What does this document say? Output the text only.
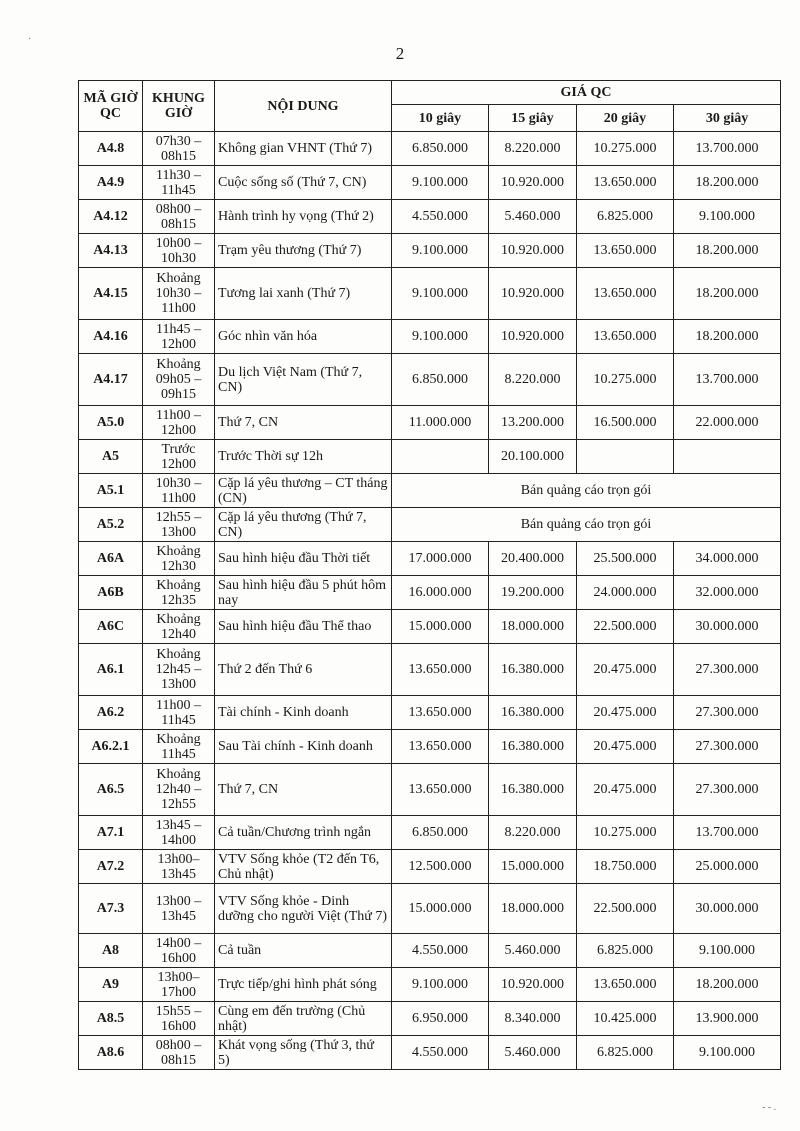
2
MÃ GIỜ QC	KHUNG GIỜ	NỘI DUNG	GIÁ QC			
			10 giây	15 giây	20 giây	30 giây
A4.8	07h30 – 08h15	Không gian VHNT (Thứ 7)	6.850.000	8.220.000	10.275.000	13.700.000
A4.9	11h30 – 11h45	Cuộc sống số (Thứ 7, CN)	9.100.000	10.920.000	13.650.000	18.200.000
A4.12	08h00 – 08h15	Hành trình hy vọng (Thứ 2)	4.550.000	5.460.000	6.825.000	9.100.000
A4.13	10h00 – 10h30	Trạm yêu thương (Thứ 7)	9.100.000	10.920.000	13.650.000	18.200.000
A4.15	Khoảng 10h30 – 11h00	Tương lai xanh (Thứ 7)	9.100.000	10.920.000	13.650.000	18.200.000
A4.16	11h45 – 12h00	Góc nhìn văn hóa	9.100.000	10.920.000	13.650.000	18.200.000
A4.17	Khoảng 09h05 – 09h15	Du lịch Việt Nam (Thứ 7, CN)	6.850.000	8.220.000	10.275.000	13.700.000
A5.0	11h00 – 12h00	Thứ 7, CN	11.000.000	13.200.000	16.500.000	22.000.000
A5	Trước 12h00	Trước Thời sự 12h		20.100.000		
A5.1	10h30 – 11h00	Cặp lá yêu thương – CT tháng (CN)	Bán quảng cáo trọn gói			
A5.2	12h55 – 13h00	Cặp lá yêu thương (Thứ 7, CN)	Bán quảng cáo trọn gói			
A6A	Khoảng 12h30	Sau hình hiệu đầu Thời tiết	17.000.000	20.400.000	25.500.000	34.000.000
A6B	Khoảng 12h35	Sau hình hiệu đầu 5 phút hôm nay	16.000.000	19.200.000	24.000.000	32.000.000
A6C	Khoảng 12h40	Sau hình hiệu đầu Thể thao	15.000.000	18.000.000	22.500.000	30.000.000
A6.1	Khoảng 12h45 – 13h00	Thứ 2 đến Thứ 6	13.650.000	16.380.000	20.475.000	27.300.000
A6.2	11h00 – 11h45	Tài chính - Kinh doanh	13.650.000	16.380.000	20.475.000	27.300.000
A6.2.1	Khoảng 11h45	Sau Tài chính - Kinh doanh	13.650.000	16.380.000	20.475.000	27.300.000
A6.5	Khoảng 12h40 – 12h55	Thứ 7, CN	13.650.000	16.380.000	20.475.000	27.300.000
A7.1	13h45 – 14h00	Cả tuần/Chương trình ngắn	6.850.000	8.220.000	10.275.000	13.700.000
A7.2	13h00– 13h45	VTV Sống khỏe (T2 đến T6, Chủ nhật)	12.500.000	15.000.000	18.750.000	25.000.000
A7.3	13h00 – 13h45	VTV Sống khỏe - Dinh dưỡng cho người Việt (Thứ 7)	15.000.000	18.000.000	22.500.000	30.000.000
A8	14h00 – 16h00	Cả tuần	4.550.000	5.460.000	6.825.000	9.100.000
A9	13h00– 17h00	Trực tiếp/ghi hình phát sóng	9.100.000	10.920.000	13.650.000	18.200.000
A8.5	15h55 – 16h00	Cùng em đến trường (Chủ nhật)	6.950.000	8.340.000	10.425.000	13.900.000
A8.6	08h00 – 08h15	Khát vọng sống (Thứ 3, thứ 5)	4.550.000	5.460.000	6.825.000	9.100.000
·
- - .
